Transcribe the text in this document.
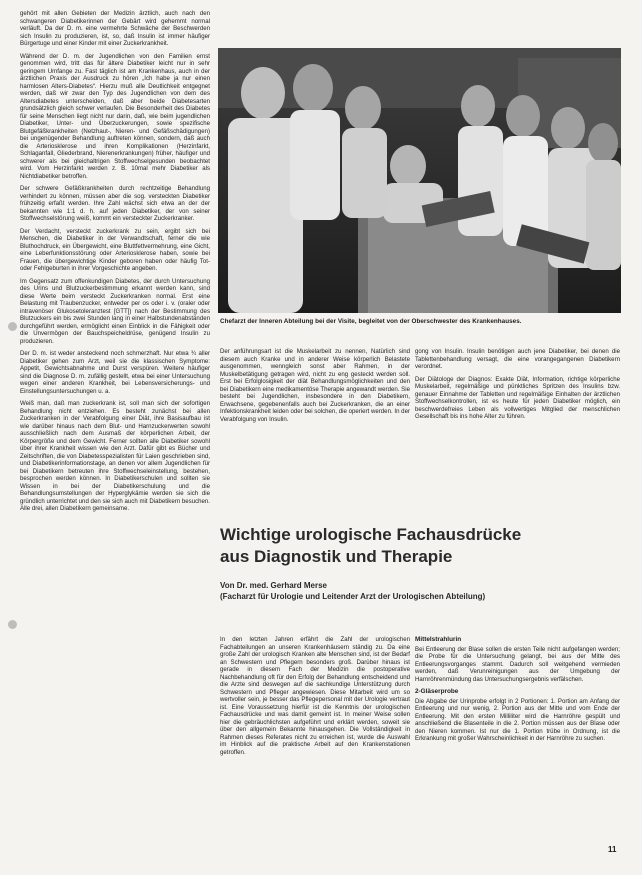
gehört mit allen Gebieten der Medizin ärztlich, auch nach den schwangeren Diabetikerinnen der Gebärt wird gehemmt normal verläuft. Da der D. m. eine vermehrte Schwäche der Beschwerden sich Insulin zu produzieren, ist, so, daß Insulin ist immer häufiger Bürgertuge und einer Kinder mit einer Zuckerkrankheit.

Während der D. m. der Jugendlichen von den Familien ernst genommen wird, tritt das für ältere Diabetiker leicht nur in sehr geringem Umfange zu. Fast täglich ist am Krankenhaus, auch in der ärztlichen Praxis der Ausdruck zu hören „Ich habe ja nur einen harmlosen Alters-Diabetes“. Hierzu muß alle Deutlichkeit entgegnet werden, daß wir zwar den Typ des Jugendlichen von dem des Altersdiabetes unterscheiden, daß aber beide Diabetesarten grundsätzlich gleich schwer verlaufen. Die Besonderheit des Diabetes für seine Menschen liegt nicht nur darin, daß, wie beim jugendlichen Diabetiker, Unter- und Überzuckerungen, sowie spezifische Blutgefäßkrankheiten (Netzhaut-, Nieren- und Gefäßschädigungen) bei ungenügender Behandlung auftreten können, sondern, daß auch die Arteriosklerose und ihren Komplikationen (Herzinfarkt, Schlaganfall, Gliederbrand, Nierenerkrankungen) früher, häufiger und schwerer als bei gleichaltrigen Stoffwechselgesunden beobachtet wird. Vom Herzinfarkt werden z. B. 10mal mehr Diabetiker als Nichtdiabetiker betroffen.

Der schwere Gefäßkrankheiten durch rechtzeitige Behandlung verhindert zu können, müssen aber die sog. versteckten Diabetiker frühzeitig erfaßt werden. Ihre Zahl wächst sich etwa an der der bekannten wie 1:1 d. h. auf jeden Diabetiker, der von seiner Stoffwechselstörung weiß, kommt ein versteckter Zuckerkranker.

Der Verdacht, versteckt zuckerkrank zu sein, ergibt sich bei Menschen, die Diabetiker in der Verwandtschaft, ferner die wie Bluthochdruck, ein Übergewicht, eine Bluttfettvermehrung, eine Gicht, eine Leberfunktionsstörung oder Arteriosklerose haben, sowie bei Frauen, die übergewichtige Kinder geboren haben oder häufig Tot- oder Fehlgeburten in ihrer Vorgeschichte angeben.

Im Gegensatz zum offenkundigen Diabetes, der durch Untersuchung des Urins und Blutzuckerbestimmung erkannt werden kann, sind diese Werte beim versteckt Zuckerkranken normal. Erst eine Belastung mit Traubenzucker, entweder per os oder i. v. (oraler oder intravenöser Glukosetoleranztest [GTT]) nach der Bestimmung des Blutzuckers ein bis zwei Stunden lang in einer Halbstundenabständen durchgeführt werden, ermöglicht einen Einblick in die Fähigkeit oder die Unvermögen der Bauchspeicheldrüse, genügend Insulin zu produzieren.

Der D. m. ist weder ansteckend noch schmerzhaft. Nur etwa ¾ aller Diabetiker gehen zum Arzt, weil sie die klassischen Symptome: Appetit, Gewichtsabnahme und Durst verspüren. Weitere häufiger sind die Diagnose D. m. zufällig gestellt, etwa bei einer Untersuchung wegen einer anderen Krankheit, bei Lebensversicherungs- und Einstellungsuntersuchungen u. a.

Weiß man, daß man zuckerkrank ist, soll man sich der sofortigen Behandlung nicht entziehen. Es besteht zunächst bei allen Zuckerkranken in der Verabfolgung einer Diät, ihre Basisaufbau ist wie darüber hinaus nach dem Blut- und Harnzuckerwerten sowohl ausschließlich nach dem Ausmaß der körperlichen Arbeit, der Körpergröße und dem Gewicht. Ferner sollten alle Diabetiker sowohl über ihrer Krankheit wissen wie den Arzt. Dafür gibt es Bücher und Zeitschriften, die von Diabetesspezialisten für Laien geschrieben sind, und Diabetikerinformationstage, an denen vor allem Jugendlichen für bei Diabetikern betreuten ihre Stoffwechseleinstellung, bestehen, besprochen werden können. In Diabetikerschulen und sollten sie Wissen in bei der Diabetikerschulung und die Behandlungsumstellungen der Hyperglykämie werden sie sich die gründlich unterrichtet und den sie sich auch mit Diabetikern besuchen. Alle drei, allen Diabetikern gemeinsame.

Chefarzt der Inneren Abteilung bei der Visite, begleitet von der Oberschwester des Krankenhauses.

Der anführungsart ist die Muskelarbeit zu nennen, Natürlich sind diesem auch Kranke und in anderer Weise körperlich Belastete ausgenommen, wenngleich sonst aber Rahmen, in der Muskelbetätigung getragen wird, nicht zu eng gesteckt werden soll. Erst bei Erfolglosigkeit der diät Behandlungsmöglichkeiten und den bei Diabetikern eine medikamentöse Therapie angewandt werden. Sie besteht bei Jugendlichen, insbesondere in den Diabetikern, Erwachsene, gegebenenfalls auch bei Zuckerkranken, die an einer Infektionskrankheit leiden oder bei solchen, die operiert werden. In der Verabfolgung von Insulin.

gong von Insulin. Insulin benötigen auch jene Diabetiker, bei denen die Tablettenbehandlung versagt, die eine vorangegangenen Diabetikern verordnet.

Der Diätologe der Diagnos: Exakte Diät, Information, richtige körperliche Muskelarbeit, regelmäßige und pünktliches Spritzen des Insulins bzw. genauer Einnahme der Tabletten und regelmäßige Einhalten der ärztlichen Stoffwechselkontrollen, ist es heute für jeden Diabetiker möglich, ein beschwerdefreies Leben als vollwertiges Mitglied der menschlichen Gesellschaft bis ins hohe Alter zu führen.

Wichtige urologische Fachausdrücke
aus Diagnostik und Therapie
Von Dr. med. Gerhard Merse
(Facharzt für Urologie und Leitender Arzt der Urologischen Abteilung)

In den letzten Jahren erfährt die Zahl der urologischen Fachabteilungen an unseren Krankenhäusern ständig zu. Da eine große Zahl der urologisch Kranken alte Menschen sind, ist der Bedarf an Schwestern und Pflegern besonders groß. Darüber hinaus ist gerade in diesem Fach der Medizin die postoperative Nachbehandlung oft für den Erfolg der Behandlung entscheidend und die Arzte sind deswegen auf die sachkundige Unterstützung durch Schwestern und Pfleger angewiesen. Diese Mitarbeit wird um so wertvoller sein, je besser das Pflegepersonal mit der Urologie vertraut ist. Eine Voraussetzung hierfür ist die Kenntnis der urologischen Fachausdrücke und was damit gemeint ist. In meiner Weise sollen hier die gebräuchlichsten aufgeführt und erklärt werden, soweit sie über den allgemein Bekannte hinausgehen. Die Vollständigkeit in Rahmen dieses Referates nicht zu erreichen ist, wurde die Auswahl im Hinblick auf die praktische Arbeit auf den Krankenstationen getroffen.

Mittelstrahlurin

Bei Entleerung der Blase sollen die ersten Teile nicht aufgefangen werden; die Probe für die Untersuchung gelangt, bei aus der Mitte des Entleerungsvorganges stammt. Dadurch soll weitgehend vermieden werden, daß Verunreinigungen aus der Umgebung der Harnröhrenmündung das Untersuchungsergebnis verfälschen.

2-Gläserprobe

Die Abgabe der Urinprobe erfolgt in 2 Portionen: 1. Portion am Anfang der Entleerung und nur wenig, 2. Portion aus der Mitte und vom Ende der Entleerung. Mit den ersten Milliliter wird die Harnröhre gespült und anschließend die Blasenteile in die 2. Portion müssen aus der Blase oder den Nieren kommen. Ist nur die 1. Portion trübe in Ordnung, ist die Erkrankung mit großer Wahrscheinlichkeit in der Harnröhre zu suchen.

11
